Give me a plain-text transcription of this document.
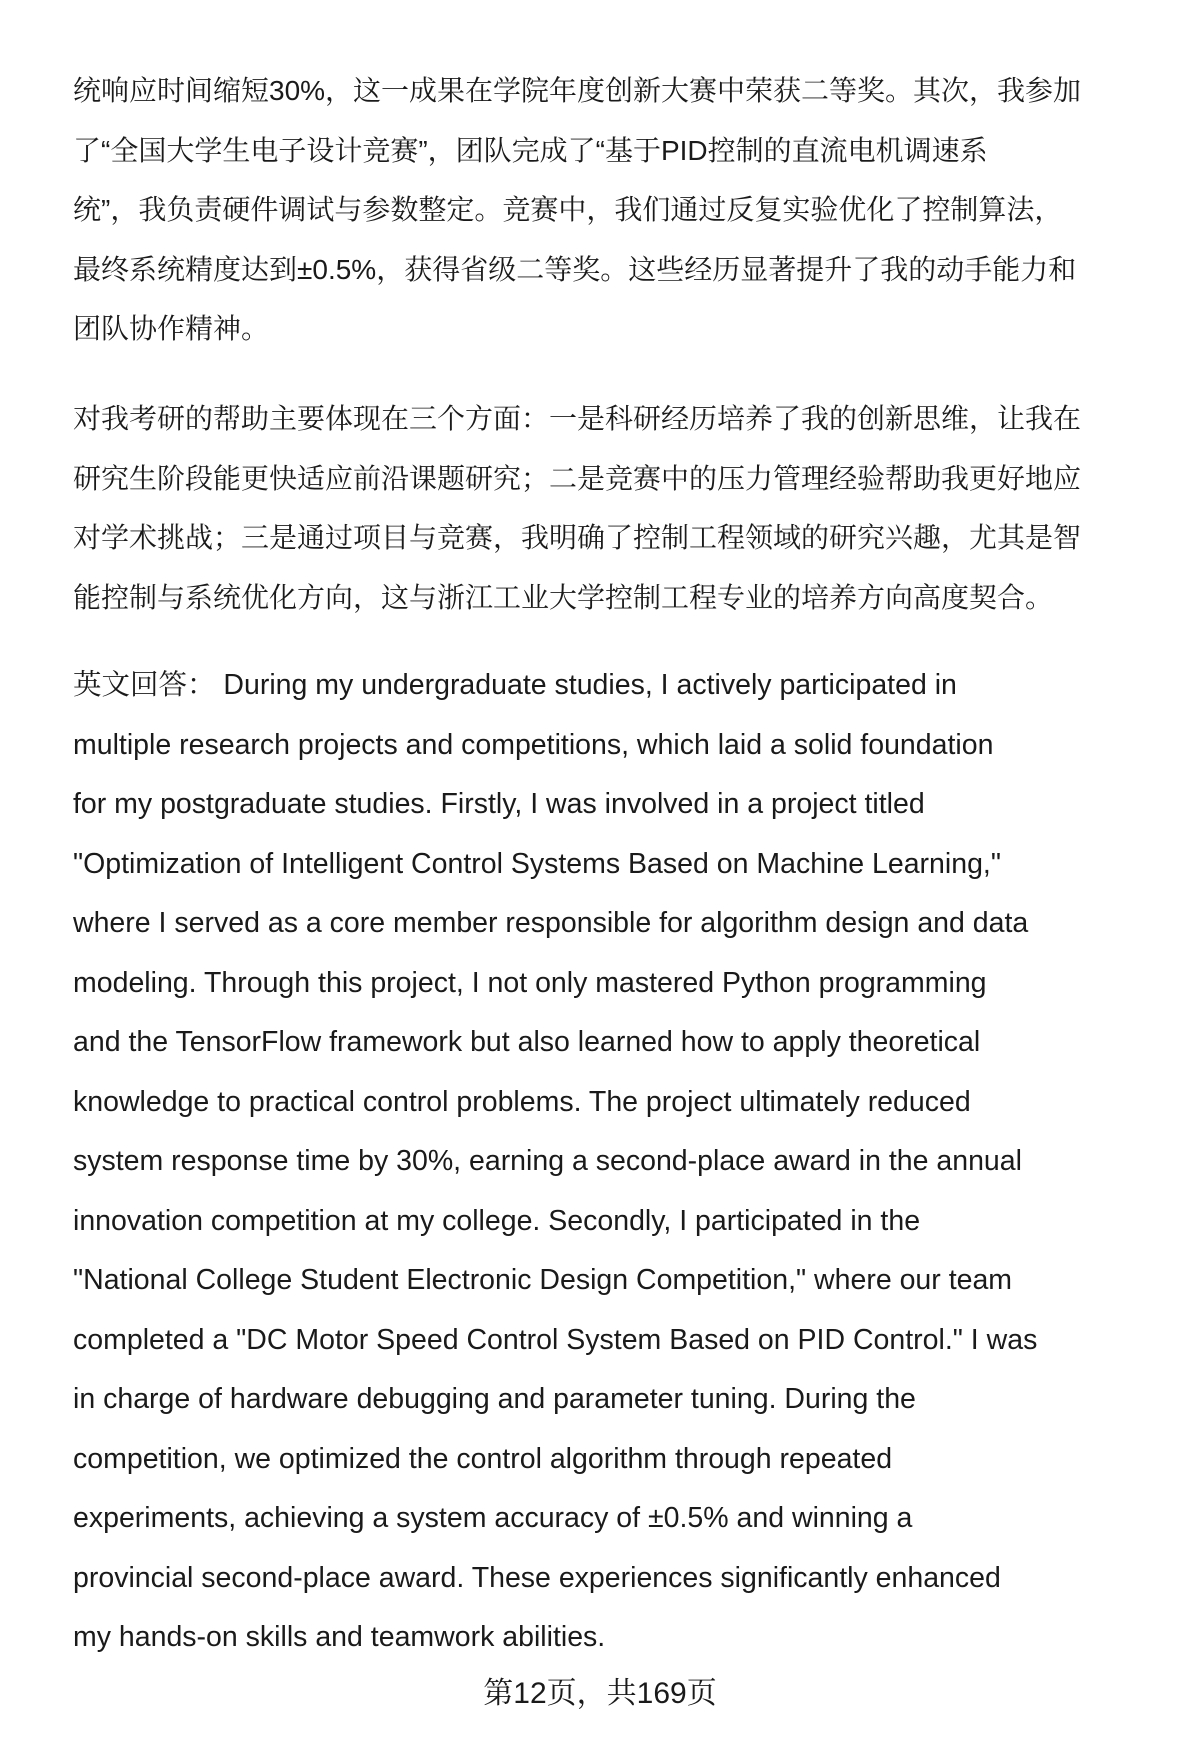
统响应时间缩短30%，这一成果在学院年度创新大赛中荣获二等奖。其次，我参加
了“全国大学生电子设计竞赛”，团队完成了“基于PID控制的直流电机调速系
统”，我负责硬件调试与参数整定。竞赛中，我们通过反复实验优化了控制算法，
最终系统精度达到±0.5%，获得省级二等奖。这些经历显著提升了我的动手能力和
团队协作精神。
对我考研的帮助主要体现在三个方面：一是科研经历培养了我的创新思维，让我在
研究生阶段能更快适应前沿课题研究；二是竞赛中的压力管理经验帮助我更好地应
对学术挑战；三是通过项目与竞赛，我明确了控制工程领域的研究兴趣，尤其是智
能控制与系统优化方向，这与浙江工业大学控制工程专业的培养方向高度契合。
英文回答： During my undergraduate studies, I actively participated in
multiple research projects and competitions, which laid a solid foundation
for my postgraduate studies. Firstly, I was involved in a project titled
"Optimization of Intelligent Control Systems Based on Machine Learning,"
where I served as a core member responsible for algorithm design and data
modeling. Through this project, I not only mastered Python programming
and the TensorFlow framework but also learned how to apply theoretical
knowledge to practical control problems. The project ultimately reduced
system response time by 30%, earning a second-place award in the annual
innovation competition at my college. Secondly, I participated in the
"National College Student Electronic Design Competition," where our team
completed a "DC Motor Speed Control System Based on PID Control." I was
in charge of hardware debugging and parameter tuning. During the
competition, we optimized the control algorithm through repeated
experiments, achieving a system accuracy of ±0.5% and winning a
provincial second-place award. These experiences significantly enhanced
my hands-on skills and teamwork abilities.
第12页，共169页
